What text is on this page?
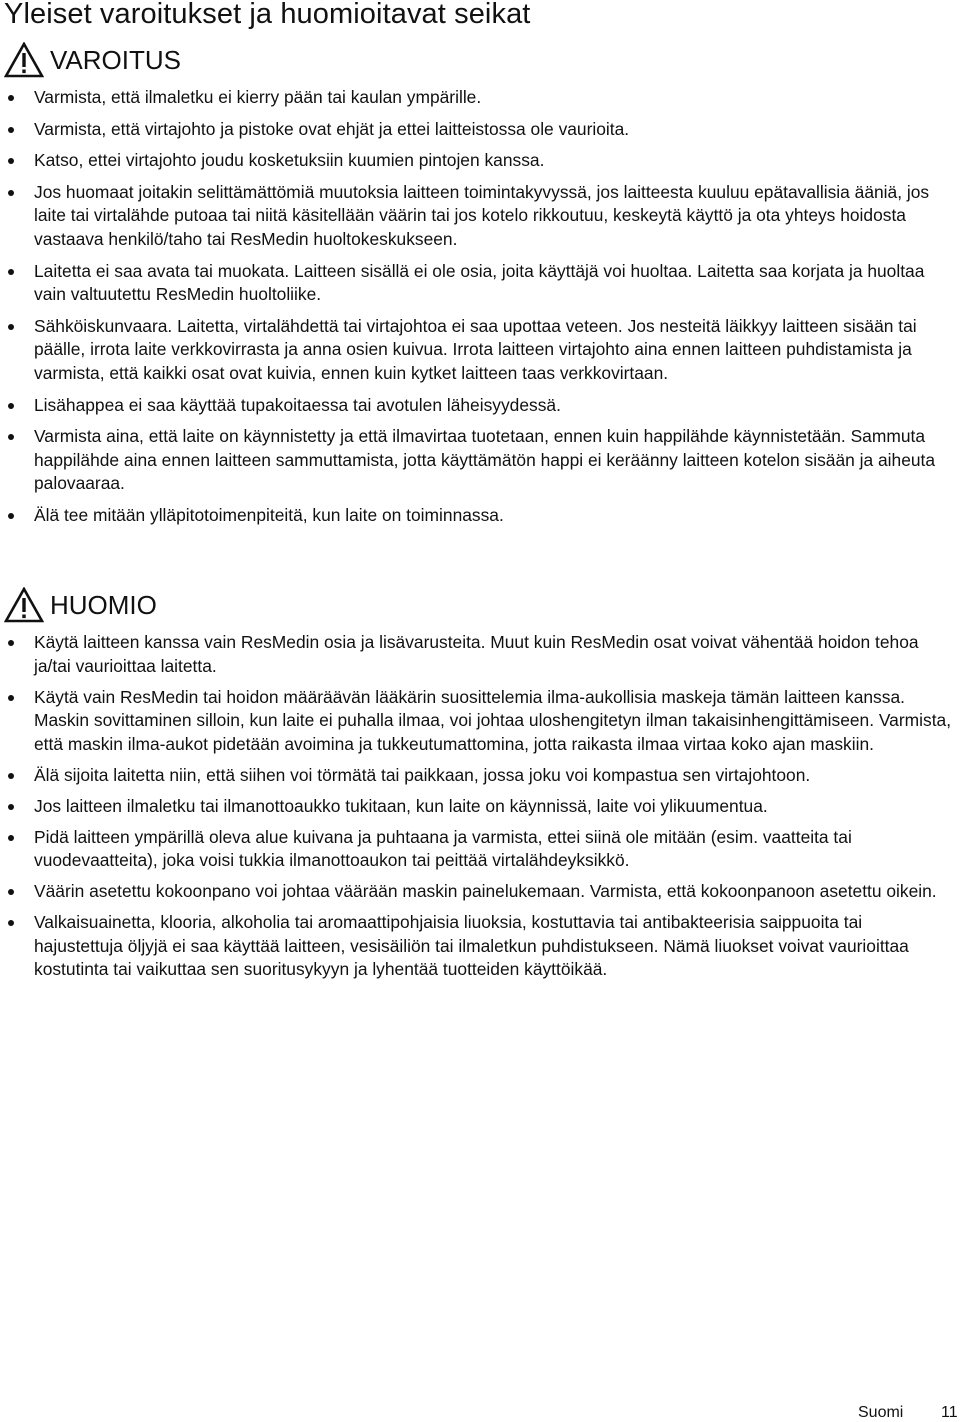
Yleiset varoitukset ja huomioitavat seikat
VAROITUS
Varmista, että ilmaletku ei kierry pään tai kaulan ympärille.
Varmista, että virtajohto ja pistoke ovat ehjät ja ettei laitteistossa ole vaurioita.
Katso, ettei virtajohto joudu kosketuksiin kuumien pintojen kanssa.
Jos huomaat joitakin selittämättömiä muutoksia laitteen toimintakyvyssä, jos laitteesta kuuluu epätavallisia ääniä, jos laite tai virtalähde putoaa tai niitä käsitellään väärin tai jos kotelo rikkoutuu, keskeytä käyttö ja ota yhteys hoidosta vastaava henkilö/taho tai ResMedin huoltokeskukseen.
Laitetta ei saa avata tai muokata. Laitteen sisällä ei ole osia, joita käyttäjä voi huoltaa. Laitetta saa korjata ja huoltaa vain valtuutettu ResMedin huoltoliike.
Sähköiskunvaara. Laitetta, virtalähdettä tai virtajohtoa ei saa upottaa veteen. Jos nesteitä läikkyy laitteen sisään tai päälle, irrota laite verkkovirrasta ja anna osien kuivua. Irrota laitteen virtajohto aina ennen laitteen puhdistamista ja varmista, että kaikki osat ovat kuivia, ennen kuin kytket laitteen taas verkkovirtaan.
Lisähappea ei saa käyttää tupakoitaessa tai avotulen läheisyydessä.
Varmista aina, että laite on käynnistetty ja että ilmavirtaa tuotetaan, ennen kuin happilähde käynnistetään. Sammuta happilähde aina ennen laitteen sammuttamista, jotta käyttämätön happi ei keräänny laitteen kotelon sisään ja aiheuta palovaaraa.
Älä tee mitään ylläpitotoimenpiteitä, kun laite on toiminnassa.
HUOMIO
Käytä laitteen kanssa vain ResMedin osia ja lisävarusteita. Muut kuin ResMedin osat voivat vähentää hoidon tehoa ja/tai vaurioittaa laitetta.
Käytä vain ResMedin tai hoidon määräävän lääkärin suosittelemia ilma-aukollisia maskeja tämän laitteen kanssa. Maskin sovittaminen silloin, kun laite ei puhalla ilmaa, voi johtaa uloshengitetyn ilman takaisinhengittämiseen. Varmista, että maskin ilma-aukot pidetään avoimina ja tukkeutumattomina, jotta raikasta ilmaa virtaa koko ajan maskiin.
Älä sijoita laitetta niin, että siihen voi törmätä tai paikkaan, jossa joku voi kompastua sen virtajohtoon.
Jos laitteen ilmaletku tai ilmanottoaukko tukitaan, kun laite on käynnissä, laite voi ylikuumentua.
Pidä laitteen ympärillä oleva alue kuivana ja puhtaana ja varmista, ettei siinä ole mitään (esim. vaatteita tai vuodevaatteita), joka voisi tukkia ilmanottoaukon tai peittää virtalähdeyksikkö.
Väärin asetettu kokoonpano voi johtaa väärään maskin painelukemaan. Varmista, että kokoonpanoon asetettu oikein.
Valkaisuainetta, klooria, alkoholia tai aromaattipohjaisia liuoksia, kostuttavia tai antibakteerisia saippuoita tai hajustettuja öljyjä ei saa käyttää laitteen, vesisäiliön tai ilmaletkun puhdistukseen. Nämä liuokset voivat vaurioittaa kostutinta tai vaikuttaa sen suoritusykyyn ja lyhentää tuotteiden käyttöikää.
Suomi 11
